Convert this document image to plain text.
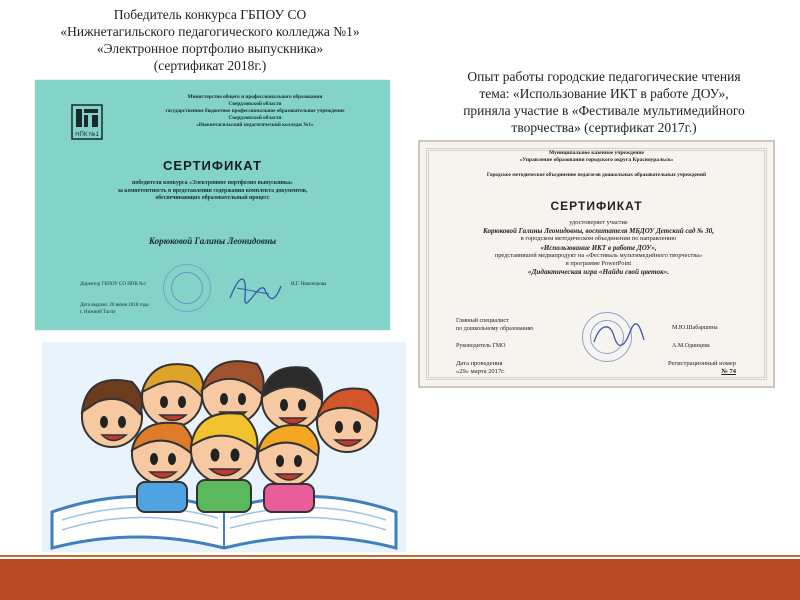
Победитель конкурса ГБПОУ СО
«Нижнетагильского педагогического колледжа №1»
«Электронное портфолио выпускника»
(сертификат 2018г.)
Опыт работы городские педагогические чтения
тема: «Использование ИКТ в работе ДОУ»,
приняла участие в «Фестивале мультимедийного
творчества» (сертификат 2017г.)
НПК №1
Министерство общего и профессионального образования
Свердловской области
государственное бюджетное профессиональное образовательное учреждение
Свердловской области
«Нижнетагильский педагогический колледж №1»
СЕРТИФИКАТ
победителя конкурса «Электронное портфолио выпускника»
за компетентность в представлении содержания комплекта документов,
обеспечивающих образовательный процесс
Корюковой Галины Леонидовны
Директор ГБПОУ СО НПК №1	И.Г. Никонорова
Дата выдачи: 20 июня 2018 года
г. Нижний Тагил
Муниципальное казенное учреждение
«Управление образования городского округа Красноуральск»
Городское методическое объединение педагогов дошкольных образовательных учреждений
СЕРТИФИКАТ
удостоверяет участие
Корюковой Галины Леонидовны, воспитателя МБДОУ Детский сад № 30,
в городском методическом объединении по направлению
«Использование ИКТ в работе ДОУ»,
представившей медиапродукт на «Фестиваль мультимедийного творчества»
в программе PowerPoint
«Дидактическая игра «Найди свой цветок».
Главный специалист
по дошкольному образованию	М.Ю.Шабаршина
Руководитель ГМО	А.М.Одинцева
Дата проведения
«29» марта 2017г.
Регистрационный номер
№ 74
